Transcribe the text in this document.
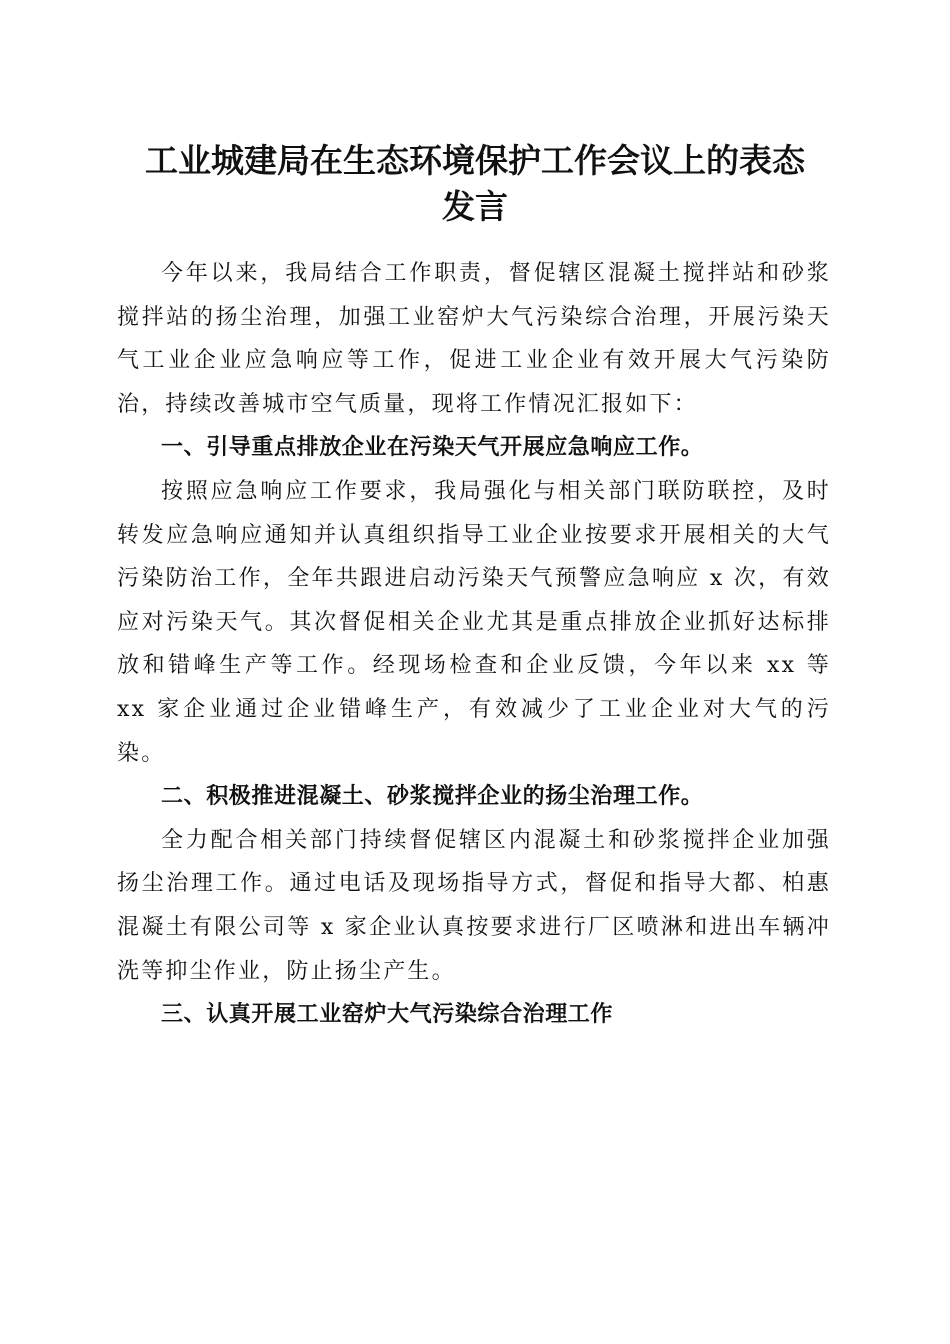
工业城建局在生态环境保护工作会议上的表态
发言

今年以来，我局结合工作职责，督促辖区混凝土搅拌站和砂浆搅拌站的扬尘治理，加强工业窑炉大气污染综合治理，开展污染天气工业企业应急响应等工作，促进工业企业有效开展大气污染防治，持续改善城市空气质量，现将工作情况汇报如下：

一、引导重点排放企业在污染天气开展应急响应工作。

按照应急响应工作要求，我局强化与相关部门联防联控，及时转发应急响应通知并认真组织指导工业企业按要求开展相关的大气污染防治工作，全年共跟进启动污染天气预警应急响应 x 次，有效应对污染天气。其次督促相关企业尤其是重点排放企业抓好达标排放和错峰生产等工作。经现场检查和企业反馈，今年以来 xx 等 xx 家企业通过企业错峰生产，有效减少了工业企业对大气的污染。

二、积极推进混凝土、砂浆搅拌企业的扬尘治理工作。

全力配合相关部门持续督促辖区内混凝土和砂浆搅拌企业加强扬尘治理工作。通过电话及现场指导方式，督促和指导大都、柏惠混凝土有限公司等 x 家企业认真按要求进行厂区喷淋和进出车辆冲洗等抑尘作业，防止扬尘产生。

三、认真开展工业窑炉大气污染综合治理工作
